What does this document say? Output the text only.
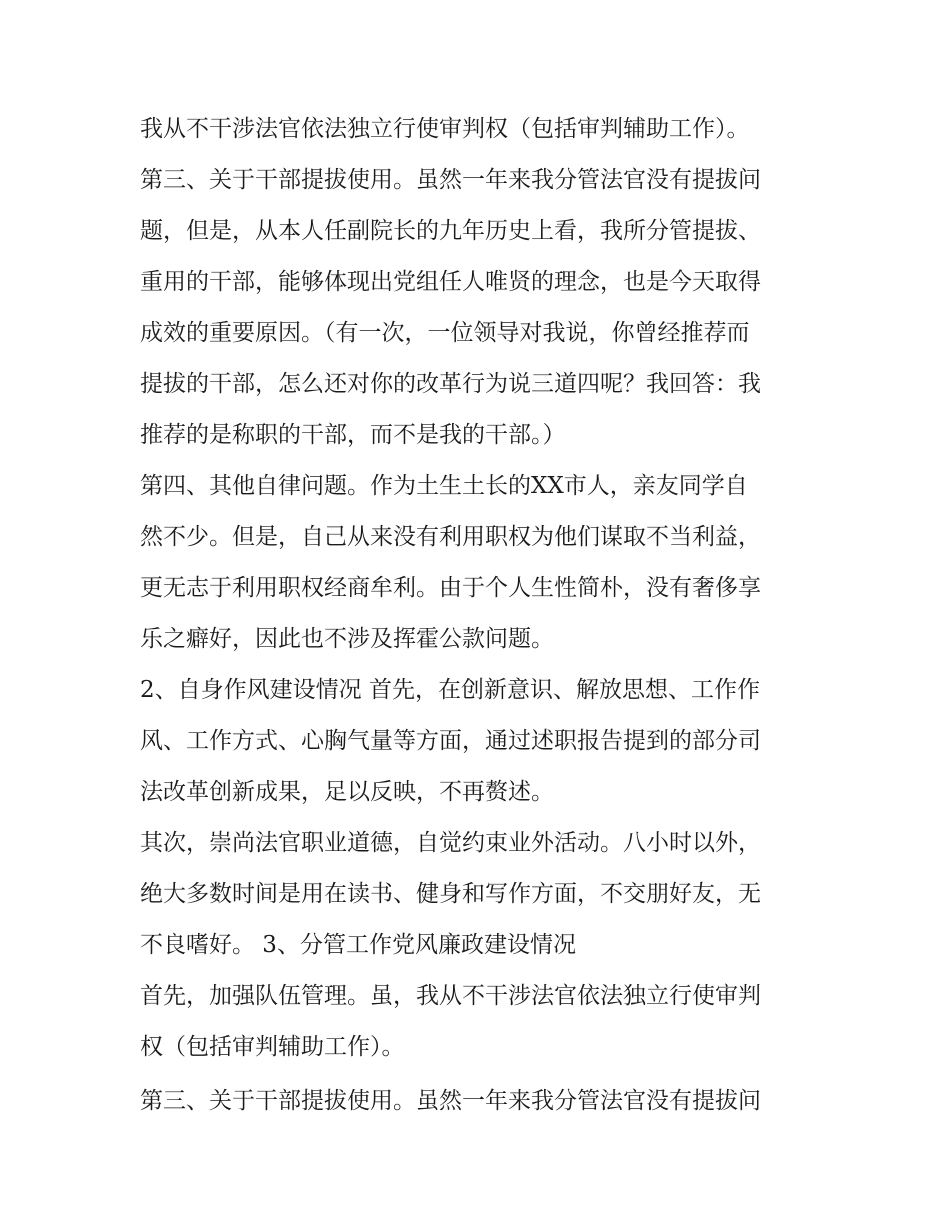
我从不干涉法官依法独立行使审判权（包括审判辅助工作）。
第三、关于干部提拔使用。虽然一年来我分管法官没有提拔问
题，但是，从本人任副院长的九年历史上看，我所分管提拔、
重用的干部，能够体现出党组任人唯贤的理念，也是今天取得
成效的重要原因。（有一次，一位领导对我说，你曾经推荐而
提拔的干部，怎么还对你的改革行为说三道四呢？我回答：我
推荐的是称职的干部，而不是我的干部。）
第四、其他自律问题。作为土生土长的XX市人，亲友同学自
然不少。但是，自己从来没有利用职权为他们谋取不当利益，
更无志于利用职权经商牟利。由于个人生性简朴，没有奢侈享
乐之癖好，因此也不涉及挥霍公款问题。
2、自身作风建设情况 首先，在创新意识、解放思想、工作作
风、工作方式、心胸气量等方面，通过述职报告提到的部分司
法改革创新成果，足以反映，不再赘述。
其次，崇尚法官职业道德，自觉约束业外活动。八小时以外，
绝大多数时间是用在读书、健身和写作方面，不交朋好友，无
不良嗜好。 3、分管工作党风廉政建设情况
首先，加强队伍管理。虽，我从不干涉法官依法独立行使审判
权（包括审判辅助工作）。
第三、关于干部提拔使用。虽然一年来我分管法官没有提拔问
